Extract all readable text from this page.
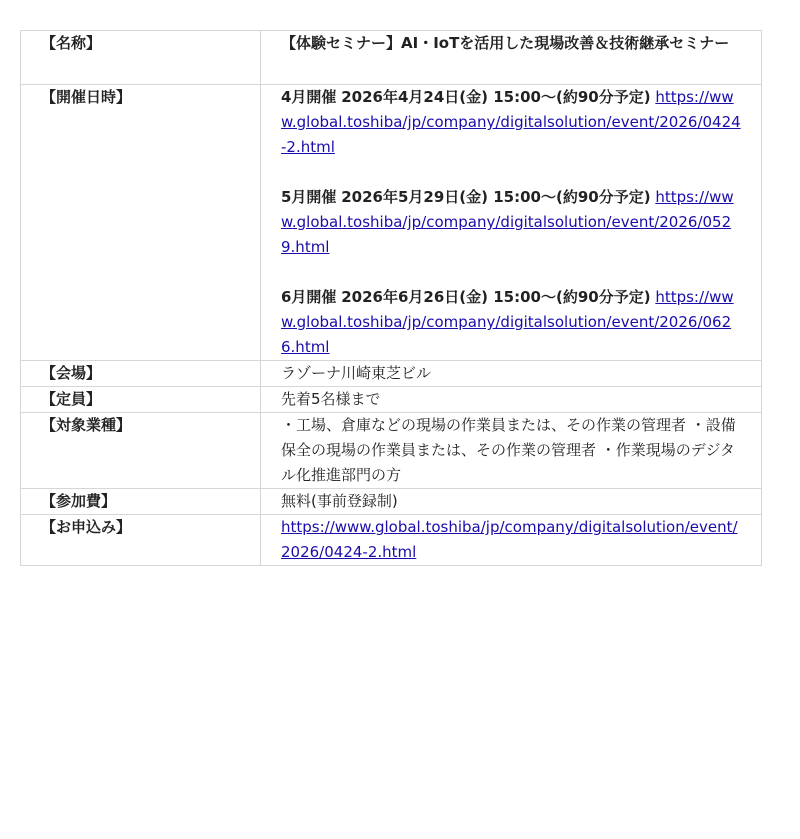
【名称】	【体験セミナー】AI・IoTを活用した現場改善＆技術継承セミナー
【開催日時】	4月開催 2026年4月24日(金) 15:00〜(約90分予定) https://www.global.toshiba/jp/company/digitalsolution/event/2026/0424-2.html
5月開催 2026年5月29日(金) 15:00〜(約90分予定) https://www.global.toshiba/jp/company/digitalsolution/event/2026/0529.html
6月開催 2026年6月26日(金) 15:00〜(約90分予定) https://www.global.toshiba/jp/company/digitalsolution/event/2026/0626.html
【会場】	ラゾーナ川崎東芝ビル
【定員】	先着5名様まで
【対象業種】	・工場、倉庫などの現場の作業員または、その作業の管理者 ・設備保全の現場の作業員または、その作業の管理者 ・作業現場のデジタル化推進部門の方
【参加費】	無料(事前登録制)
【お申込み】	https://www.global.toshiba/jp/company/digitalsolution/event/2026/0424-2.html
